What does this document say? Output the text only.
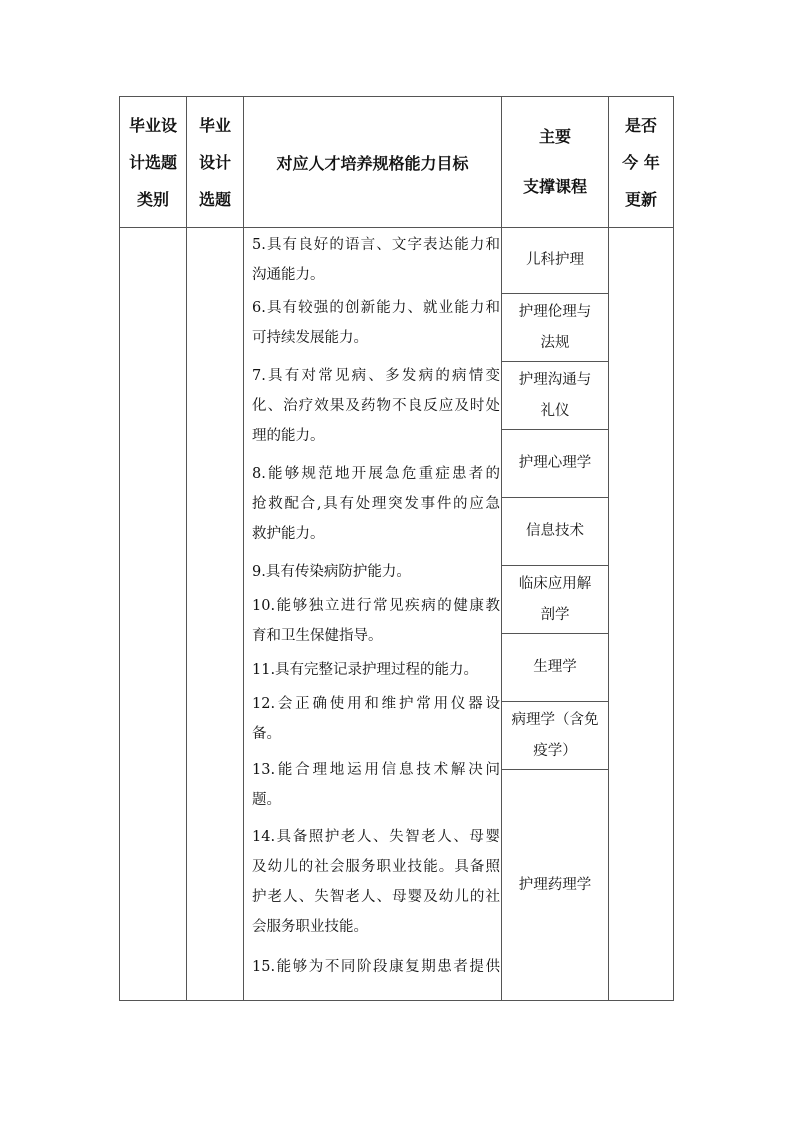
毕业设
计选题
类别
毕业
设计
选题
对应人才培养规格能力目标
主要
支撑课程
是否
今 年
更新
5.具有良好的语言、文字表达能力和
沟通能力。
6.具有较强的创新能力、就业能力和
可持续发展能力。
7.具有对常见病、多发病的病情变
化、治疗效果及药物不良反应及时处
理的能力。
8.能够规范地开展急危重症患者的
抢救配合,具有处理突发事件的应急
救护能力。
9.具有传染病防护能力。
10.能够独立进行常见疾病的健康教
育和卫生保健指导。
11.具有完整记录护理过程的能力。
12.会正确使用和维护常用仪器设
备。
13.能合理地运用信息技术解决问
题。
14.具备照护老人、失智老人、母婴
及幼儿的社会服务职业技能。具备照
护老人、失智老人、母婴及幼儿的社
会服务职业技能。
15.能够为不同阶段康复期患者提供
儿科护理
护理伦理与
法规
护理沟通与
礼仪
护理心理学
信息技术
临床应用解
剖学
生理学
病理学（含免
疫学）
护理药理学
